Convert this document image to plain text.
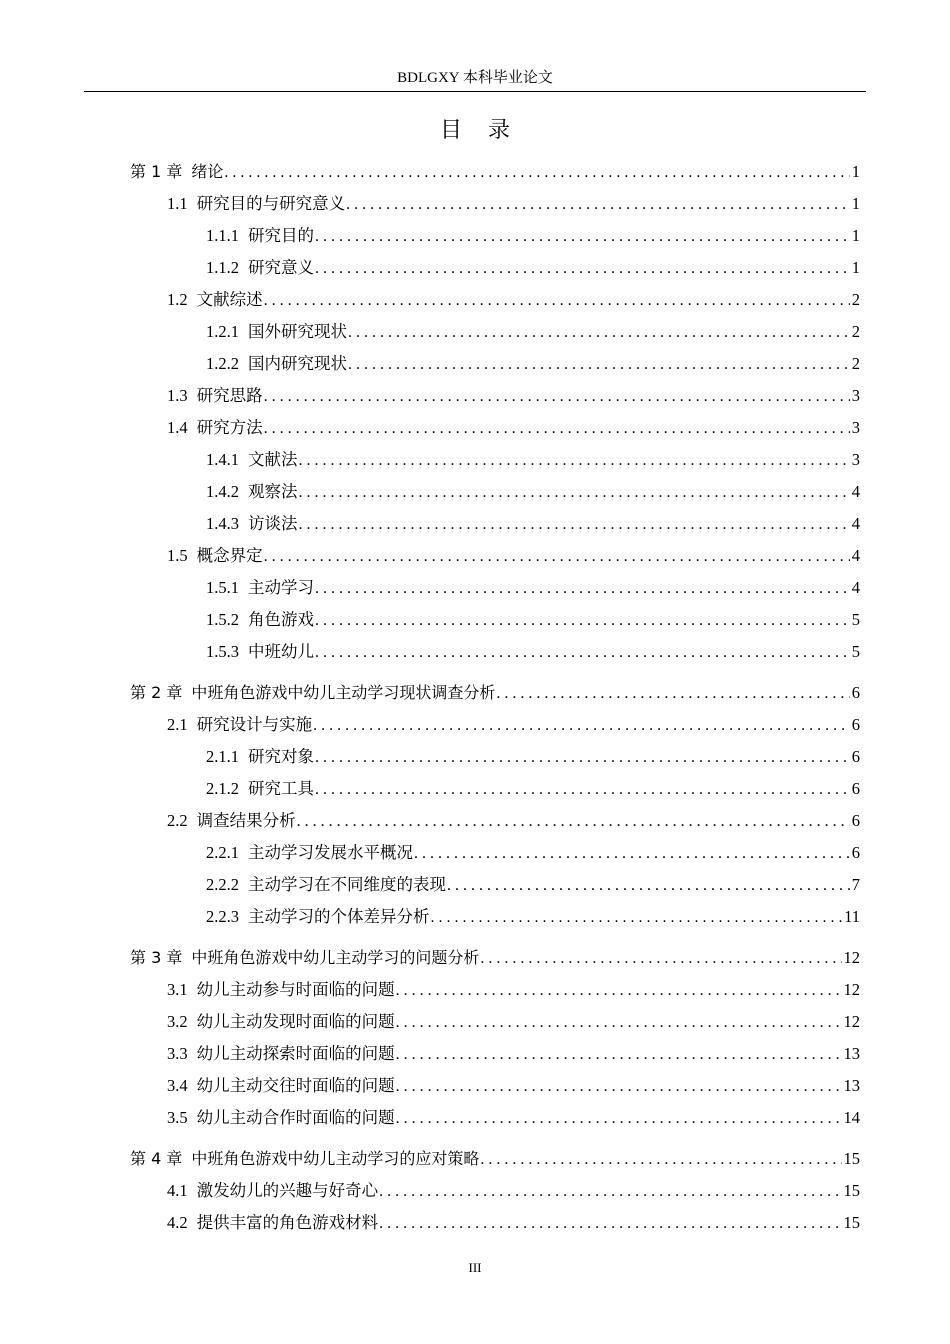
BDLGXY 本科毕业论文
目录
第 1 章 绪论 . . .	1
1.1 研究目的与研究意义 . . .	1
1.1.1 研究目的 . . .	1
1.1.2 研究意义 . . .	1
1.2 文献综述 . . .	2
1.2.1 国外研究现状 . . .	2
1.2.2 国内研究现状 . . .	2
1.3 研究思路 . . .	3
1.4 研究方法 . . .	3
1.4.1 文献法 . . .	3
1.4.2 观察法 . . .	4
1.4.3 访谈法 . . .	4
1.5 概念界定 . . .	4
1.5.1 主动学习 . . .	4
1.5.2 角色游戏 . . .	5
1.5.3 中班幼儿 . . .	5
第 2 章 中班角色游戏中幼儿主动学习现状调查分析 . . .	6
2.1 研究设计与实施 . . .	6
2.1.1 研究对象 . . .	6
2.1.2 研究工具 . . .	6
2.2 调查结果分析 . . .	6
2.2.1 主动学习发展水平概况 . . .	6
2.2.2 主动学习在不同维度的表现 . . .	7
2.2.3 主动学习的个体差异分析 . . .	11
第 3 章 中班角色游戏中幼儿主动学习的问题分析 . . .	12
3.1 幼儿主动参与时面临的问题 . . .	12
3.2 幼儿主动发现时面临的问题 . . .	12
3.3 幼儿主动探索时面临的问题 . . .	13
3.4 幼儿主动交往时面临的问题 . . .	13
3.5 幼儿主动合作时面临的问题 . . .	14
第 4 章 中班角色游戏中幼儿主动学习的应对策略 . . .	15
4.1 激发幼儿的兴趣与好奇心 . . .	15
4.2 提供丰富的角色游戏材料 . . .	15
III
